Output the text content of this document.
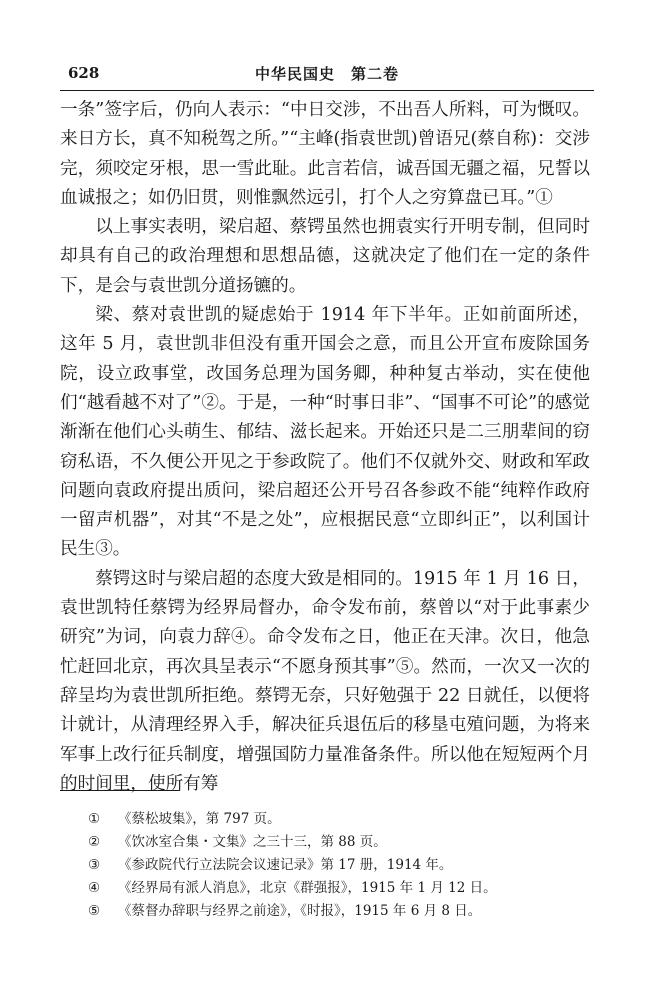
628	中华民国史　第二卷

一条”签字后，仍向人表示：“中日交涉，不出吾人所料，可为慨叹。来日方长，真不知税驾之所。”“主峰(指袁世凯)曾语兄(蔡自称)：交涉完，须咬定牙根，思一雪此耻。此言若信，诚吾国无疆之福，兄誓以血诚报之；如仍旧贯，则惟飘然远引，打个人之穷算盘已耳。”①

以上事实表明，梁启超、蔡锷虽然也拥袁实行开明专制，但同时却具有自己的政治理想和思想品德，这就决定了他们在一定的条件下，是会与袁世凯分道扬镳的。

梁、蔡对袁世凯的疑虑始于 1914 年下半年。正如前面所述，这年 5 月，袁世凯非但没有重开国会之意，而且公开宣布废除国务院，设立政事堂，改国务总理为国务卿，种种复古举动，实在使他们“越看越不对了”②。于是，一种“时事日非”、“国事不可论”的感觉渐渐在他们心头萌生、郁结、滋长起来。开始还只是二三朋辈间的窃窃私语，不久便公开见之于参政院了。他们不仅就外交、财政和军政问题向袁政府提出质问，梁启超还公开号召各参政不能“纯粹作政府一留声机器”，对其“不是之处”，应根据民意“立即纠正”，以利国计民生③。

蔡锷这时与梁启超的态度大致是相同的。1915 年 1 月 16 日，袁世凯特任蔡锷为经界局督办，命令发布前，蔡曾以“对于此事素少研究”为词，向袁力辞④。命令发布之日，他正在天津。次日，他急忙赶回北京，再次具呈表示“不愿身预其事”⑤。然而，一次又一次的辞呈均为袁世凯所拒绝。蔡锷无奈，只好勉强于 22 日就任，以便将计就计，从清理经界入手，解决征兵退伍后的移垦屯殖问题，为将来军事上改行征兵制度，增强国防力量准备条件。所以他在短短两个月的时间里，使所有筹

①	《蔡松坡集》，第 797 页。
②	《饮冰室合集・文集》之三十三，第 88 页。
③	《参政院代行立法院会议速记录》第 17 册，1914 年。
④	《经界局有派人消息》，北京《群强报》，1915 年 1 月 12 日。
⑤	《蔡督办辞职与经界之前途》，《时报》，1915 年 6 月 8 日。
